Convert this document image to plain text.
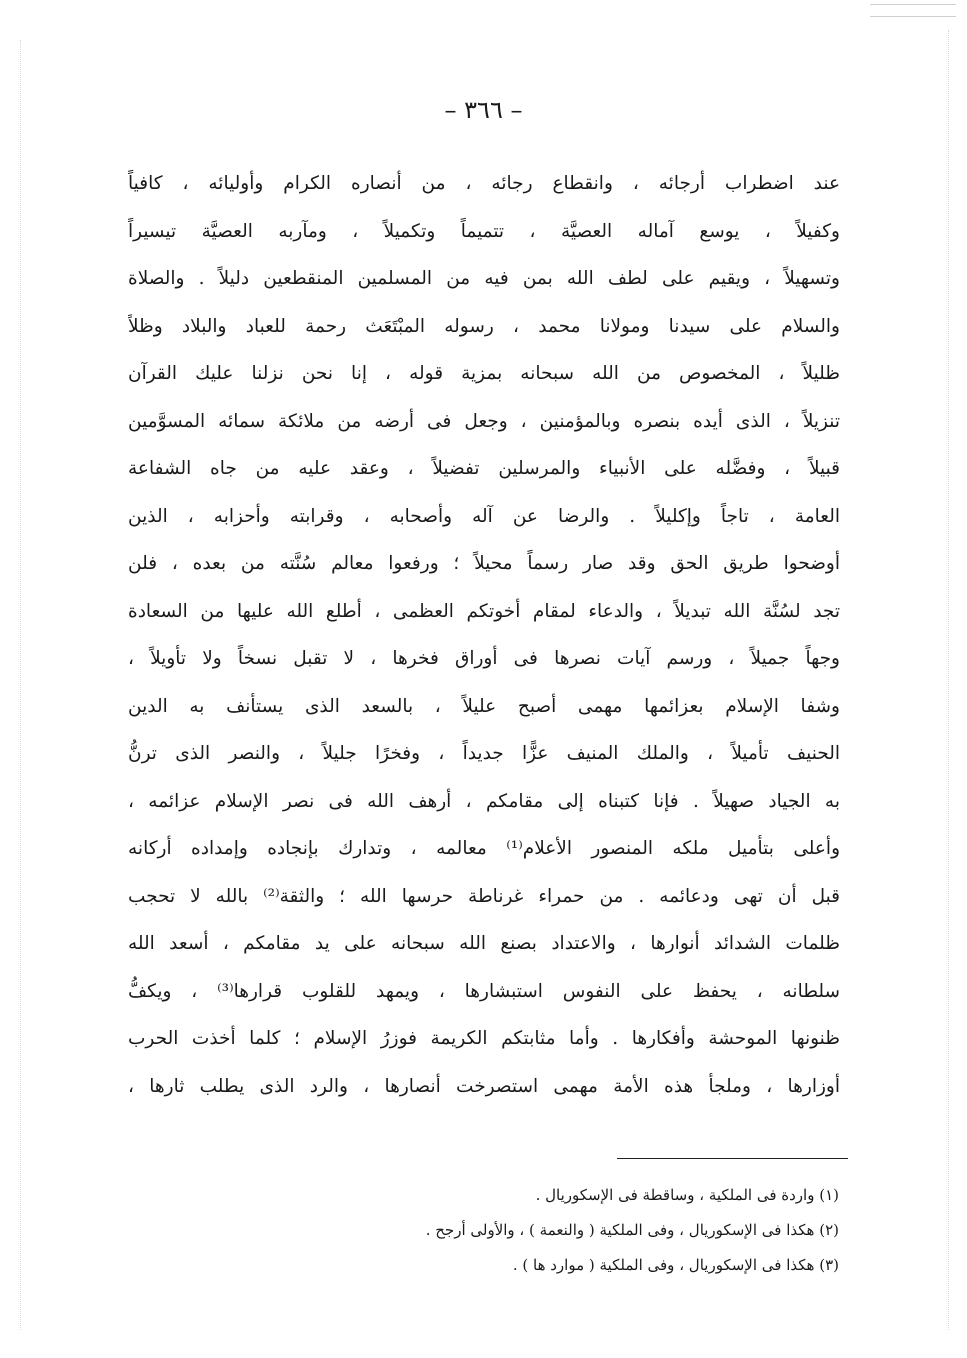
– ٣٦٦ –
عند اضطراب أرجائه ، وانقطاع رجائه ، من أنصاره الكرام وأوليائه ، كافياً
وكفيلاً ، يوسع آماله العصيَّة ، تتميماً وتكميلاً ، ومآربه العصيَّة تيسيراً
وتسهيلاً ، ويقيم على لطف الله بمن فيه من المسلمين المنقطعين دليلاً . والصلاة
والسلام على سيدنا ومولانا محمد ، رسوله المبْتَعَث رحمة للعباد والبلاد وظلاً
ظليلاً ، المخصوص من الله سبحانه بمزية قوله ، إنا نحن نزلنا عليك القرآن
تنزيلاً ، الذى أيده بنصره وبالمؤمنين ، وجعل فى أرضه من ملائكة سمائه المسوَّمين
قبيلاً ، وفضَّله على الأنبياء والمرسلين تفضيلاً ، وعقد عليه من جاه الشفاعة
العامة ، تاجاً وإكليلاً . والرضا عن آله وأصحابه ، وقرابته وأحزابه ، الذين
أوضحوا طريق الحق وقد صار رسماً محيلاً ؛ ورفعوا معالم سُنَّته من بعده ، فلن
تجد لسُنَّة الله تبديلاً ، والدعاء لمقام أخوتكم العظمى ، أطلع الله عليها من السعادة
وجهاً جميلاً ، ورسم آيات نصرها فى أوراق فخرها ، لا تقبل نسخاً ولا تأويلاً ،
وشفا الإسلام بعزائمها مهمى أصبح عليلاً ، بالسعد الذى يستأنف به الدين
الحنيف تأميلاً ، والملك المنيف عزًّا جديداً ، وفخرًا جليلاً ، والنصر الذى ترنُّ
به الجياد صهيلاً . فإنا كتبناه إلى مقامكم ، أرهف الله فى نصر الإسلام عزائمه ،
وأعلى بتأميل ملكه المنصور الأعلام⁽¹⁾ معالمه ، وتدارك بإنجاده وإمداده أركانه
قبل أن تهى ودعائمه . من حمراء غرناطة حرسها الله ؛ والثقة⁽²⁾ بالله لا تحجب
ظلمات الشدائد أنوارها ، والاعتداد بصنع الله سبحانه على يد مقامكم ، أسعد الله
سلطانه ، يحفظ على النفوس استبشارها ، ويمهد للقلوب قرارها⁽³⁾ ، ويكفُّ
ظنونها الموحشة وأفكارها . وأما مثابتكم الكريمة فوزرُ الإسلام ؛ كلما أخذت الحرب
أوزارها ، وملجأ هذه الأمة مهمى استصرخت أنصارها ، والرد الذى يطلب ثارها ،
(١) واردة فى الملكية ، وساقطة فى الإسكوريال .
(٢) هكذا فى الإسكوريال ، وفى الملكية ( والنعمة ) ، والأولى أرجح .
(٣) هكذا فى الإسكوريال ، وفى الملكية ( موارد ها ) .
